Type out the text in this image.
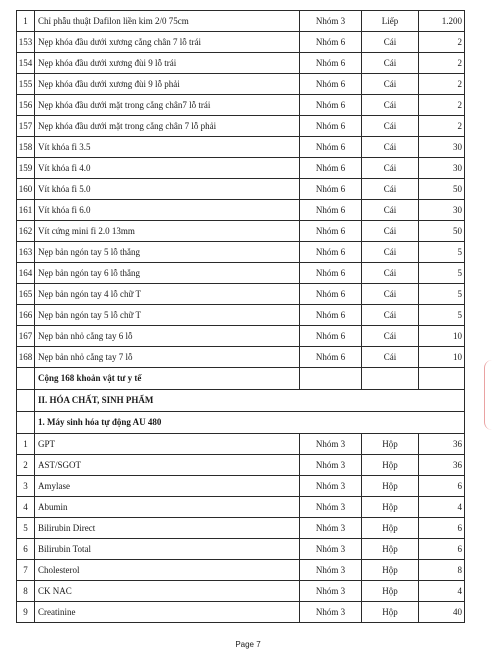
1	Chỉ phẫu thuật Dafilon liền kim 2/0 75cm	Nhóm 3	Liếp	1.200
153	Nẹp khóa đầu dưới xương cẳng chân 7 lỗ trái	Nhóm 6	Cái	2
154	Nẹp khóa đầu dưới xương đùi 9 lỗ trái	Nhóm 6	Cái	2
155	Nẹp khóa đầu dưới xương đùi 9 lỗ phải	Nhóm 6	Cái	2
156	Nẹp khóa đầu dưới mặt trong cẳng chân7 lỗ trái	Nhóm 6	Cái	2
157	Nẹp khóa đầu dưới mặt trong cẳng chân 7 lỗ phải	Nhóm 6	Cái	2
158	Vít khóa fi 3.5	Nhóm 6	Cái	30
159	Vít khóa fi 4.0	Nhóm 6	Cái	30
160	Vít khóa fi 5.0	Nhóm 6	Cái	50
161	Vít khóa fi 6.0	Nhóm 6	Cái	30
162	Vít cứng mini fi 2.0 13mm	Nhóm 6	Cái	50
163	Nẹp bản ngón tay 5 lỗ thẳng	Nhóm 6	Cái	5
164	Nẹp bản ngón tay 6 lỗ thẳng	Nhóm 6	Cái	5
165	Nẹp bản ngón tay 4 lỗ chữ T	Nhóm 6	Cái	5
166	Nẹp bản ngón tay 5 lỗ chữ T	Nhóm 6	Cái	5
167	Nẹp bản nhỏ cẳng tay 6 lỗ	Nhóm 6	Cái	10
168	Nẹp bản nhỏ cẳng tay 7 lỗ	Nhóm 6	Cái	10
	Cộng 168 khoản vật tư y tế			
	II. HÓA CHẤT, SINH PHẨM			
	1. Máy sinh hóa tự động AU 480			
1	GPT	Nhóm 3	Hộp	36
2	AST/SGOT	Nhóm 3	Hộp	36
3	Amylase	Nhóm 3	Hộp	6
4	Abumin	Nhóm 3	Hộp	4
5	Bilirubin Direct	Nhóm 3	Hộp	6
6	Bilirubin Total	Nhóm 3	Hộp	6
7	Cholesterol	Nhóm 3	Hộp	8
8	CK NAC	Nhóm 3	Hộp	4
9	Creatinine	Nhóm 3	Hộp	40
Page 7
